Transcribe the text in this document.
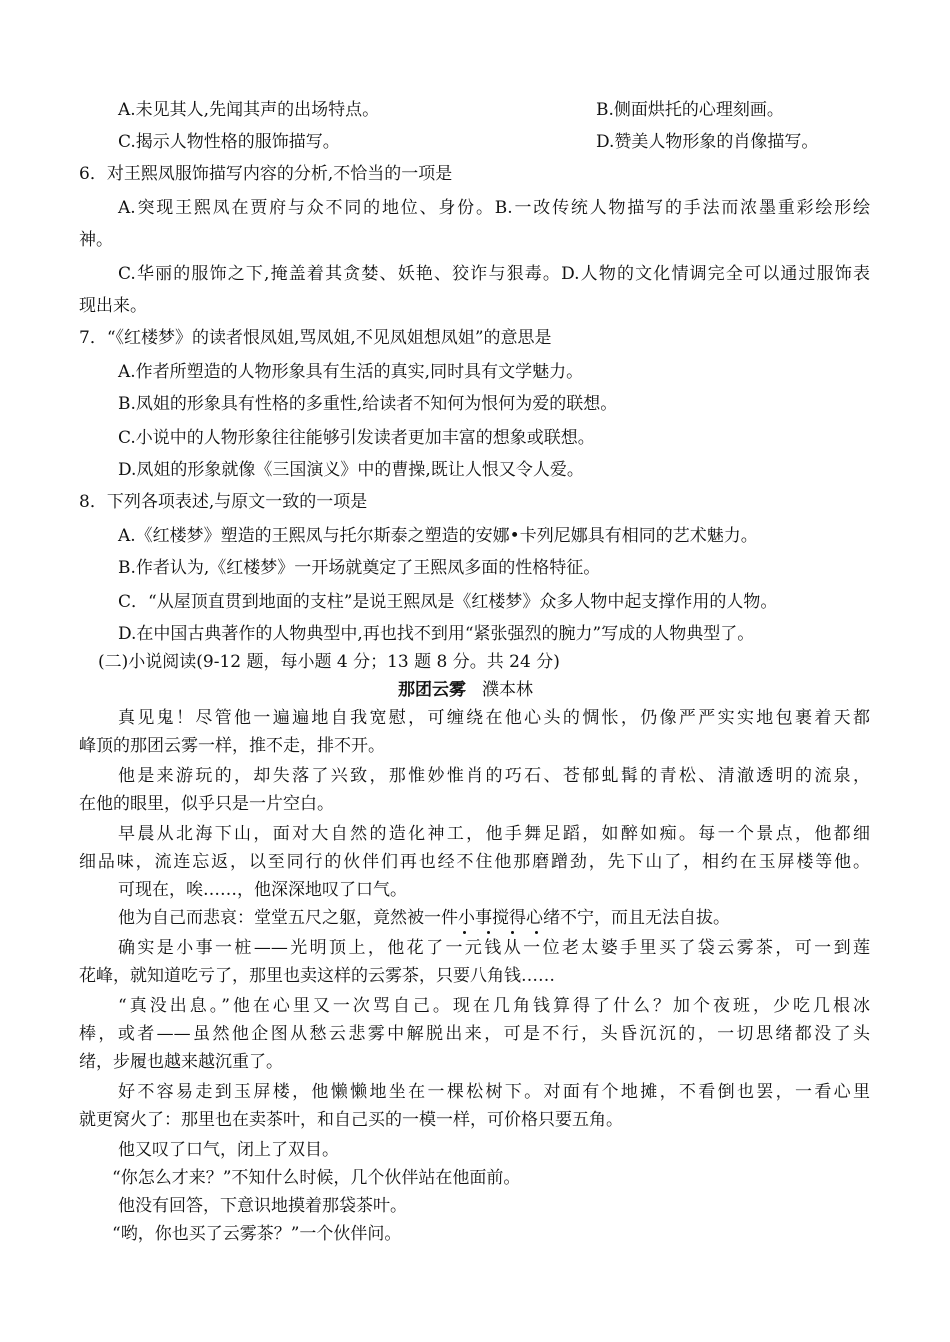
A.未见其人,先闻其声的出场特点。	B.侧面烘托的心理刻画。
C.揭示人物性格的服饰描写。	D.赞美人物形象的肖像描写。
6．对王熙凤服饰描写内容的分析,不恰当的一项是
A.突现王熙凤在贾府与众不同的地位、身份。B.一改传统人物描写的手法而浓墨重彩绘形绘
神。
C.华丽的服饰之下,掩盖着其贪婪、妖艳、狡诈与狠毒。D.人物的文化情调完全可以通过服饰表
现出来。
7．“《红楼梦》的读者恨凤姐,骂凤姐,不见凤姐想凤姐”的意思是
A.作者所塑造的人物形象具有生活的真实,同时具有文学魅力。
B.凤姐的形象具有性格的多重性,给读者不知何为恨何为爱的联想。
C.小说中的人物形象往往能够引发读者更加丰富的想象或联想。
D.凤姐的形象就像《三国演义》中的曹操,既让人恨又令人爱。
8．下列各项表述,与原文一致的一项是
A.《红楼梦》塑造的王熙凤与托尔斯泰之塑造的安娜•卡列尼娜具有相同的艺术魅力。
B.作者认为,《红楼梦》一开场就奠定了王熙凤多面的性格特征。
C．“从屋顶直贯到地面的支柱”是说王熙凤是《红楼梦》众多人物中起支撑作用的人物。
D.在中国古典著作的人物典型中,再也找不到用“紧张强烈的腕力”写成的人物典型了。
(二)小说阅读(9-12 题，每小题 4 分；13 题 8 分。共 24 分)
那团云雾 濮本林
真见鬼！尽管他一遍遍地自我宽慰，可缠绕在他心头的惆怅，仍像严严实实地包裹着天都
峰顶的那团云雾一样，推不走，排不开。
他是来游玩的，却失落了兴致，那惟妙惟肖的巧石、苍郁虬髯的青松、清澈透明的流泉，
在他的眼里，似乎只是一片空白。
早晨从北海下山，面对大自然的造化神工，他手舞足蹈，如醉如痴。每一个景点，他都细
细品味，流连忘返，以至同行的伙伴们再也经不住他那磨蹭劲，先下山了，相约在玉屏楼等他。
可现在，唉……，他深深地叹了口气。
他为自己而悲哀：堂堂五尺之躯，竟然被一件小事搅得心绪不宁，而且无法自拔。
确实是小事一桩——光明顶上，他花了一元钱从一位老太婆手里买了袋云雾茶，可一到莲
花峰，就知道吃亏了，那里也卖这样的云雾茶，只要八角钱……
“真没出息。”他在心里又一次骂自己。现在几角钱算得了什么？加个夜班，少吃几根冰
棒，或者——虽然他企图从愁云悲雾中解脱出来，可是不行，头昏沉沉的，一切思绪都没了头
绪，步履也越来越沉重了。
好不容易走到玉屏楼，他懒懒地坐在一棵松树下。对面有个地摊，不看倒也罢，一看心里
就更窝火了：那里也在卖茶叶，和自己买的一模一样，可价格只要五角。
他又叹了口气，闭上了双目。
“你怎么才来？”不知什么时候，几个伙伴站在他面前。
他没有回答，下意识地摸着那袋茶叶。
“哟，你也买了云雾茶？”一个伙伴问。
